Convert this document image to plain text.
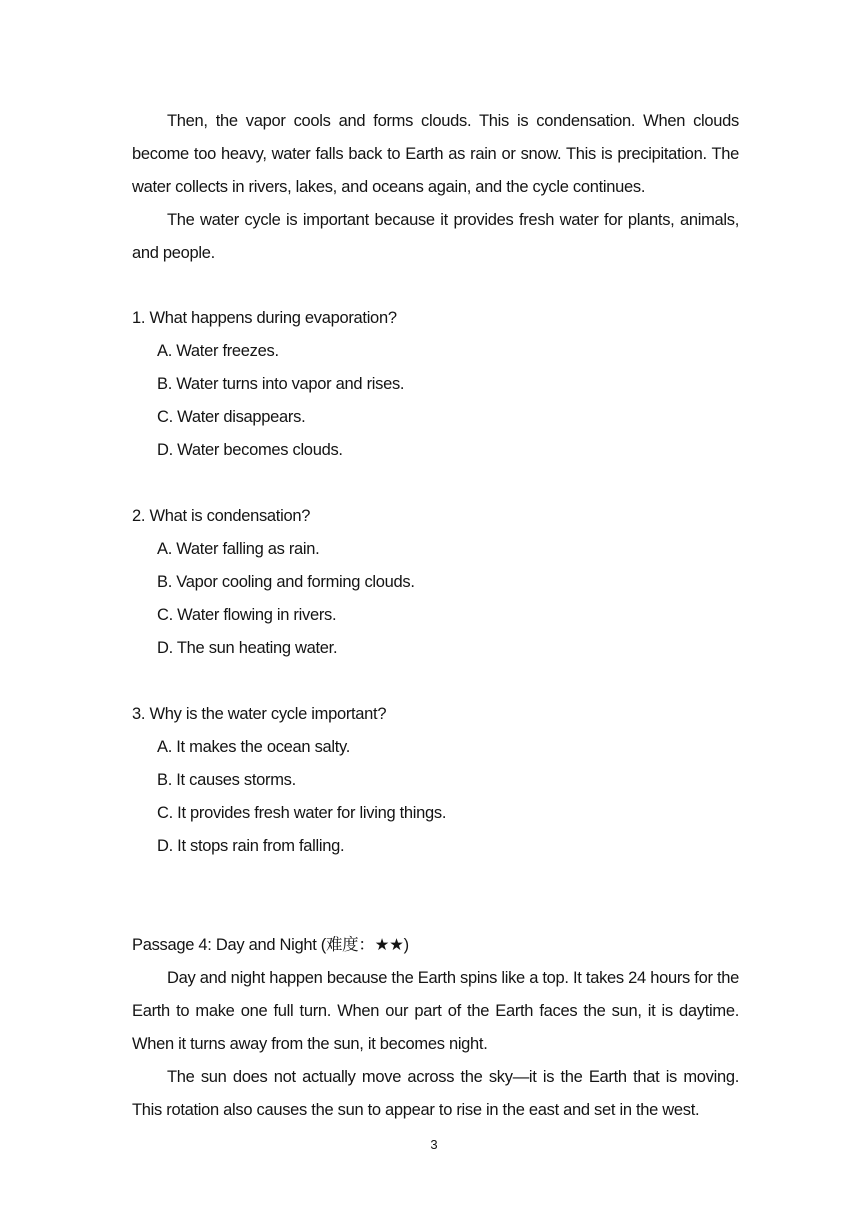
Then, the vapor cools and forms clouds. This is condensation. When clouds become too heavy, water falls back to Earth as rain or snow. This is precipitation. The water collects in rivers, lakes, and oceans again, and the cycle continues.
The water cycle is important because it provides fresh water for plants, animals, and people.
1. What happens during evaporation?
A. Water freezes.
B. Water turns into vapor and rises.
C. Water disappears.
D. Water becomes clouds.
2. What is condensation?
A. Water falling as rain.
B. Vapor cooling and forming clouds.
C. Water flowing in rivers.
D. The sun heating water.
3. Why is the water cycle important?
A. It makes the ocean salty.
B. It causes storms.
C. It provides fresh water for living things.
D. It stops rain from falling.
Passage 4: Day and Night (难度：★★)
Day and night happen because the Earth spins like a top. It takes 24 hours for the Earth to make one full turn. When our part of the Earth faces the sun, it is daytime. When it turns away from the sun, it becomes night.
The sun does not actually move across the sky—it is the Earth that is moving. This rotation also causes the sun to appear to rise in the east and set in the west.
3
